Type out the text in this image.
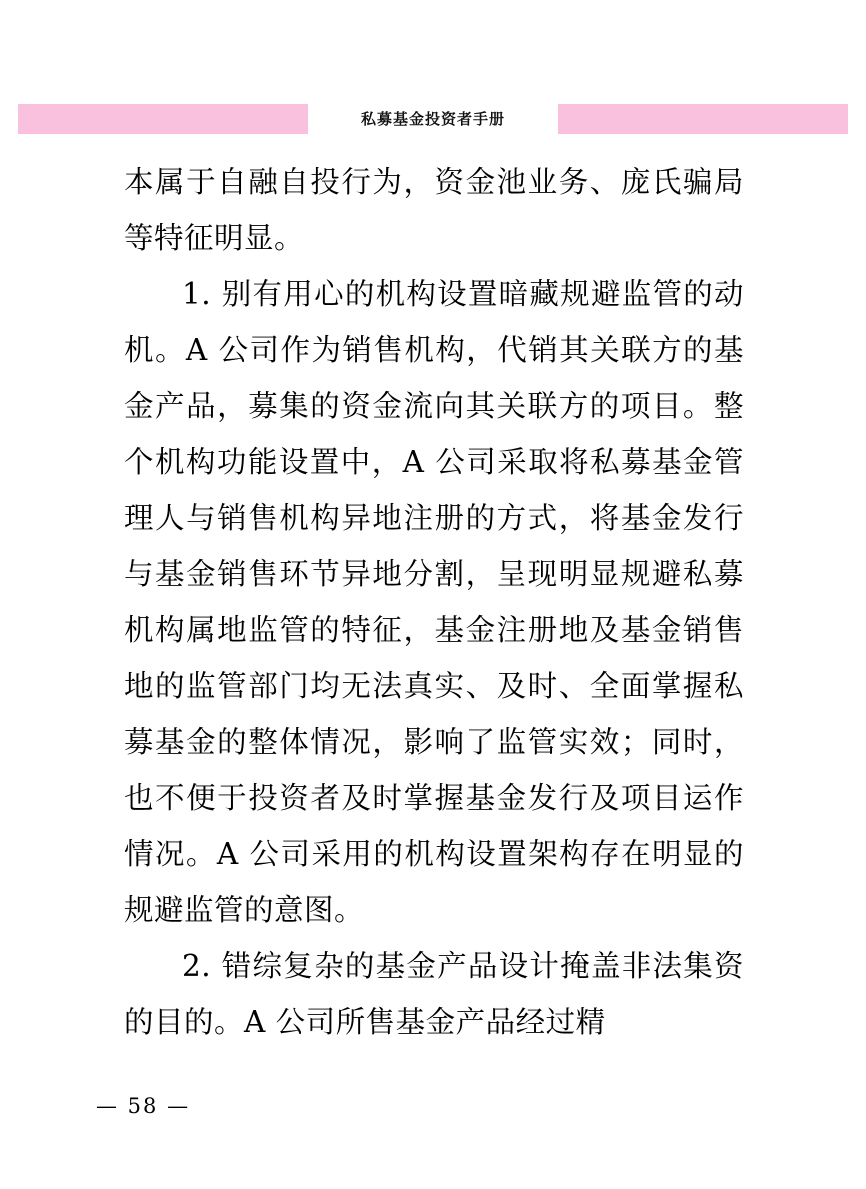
私募基金投资者手册

本属于自融自投行为，资金池业务、庞氏骗局等特征明显。

1. 别有用心的机构设置暗藏规避监管的动机。A 公司作为销售机构，代销其关联方的基金产品，募集的资金流向其关联方的项目。整个机构功能设置中，A 公司采取将私募基金管理人与销售机构异地注册的方式，将基金发行与基金销售环节异地分割，呈现明显规避私募机构属地监管的特征，基金注册地及基金销售地的监管部门均无法真实、及时、全面掌握私募基金的整体情况，影响了监管实效；同时，也不便于投资者及时掌握基金发行及项目运作情况。A 公司采用的机构设置架构存在明显的规避监管的意图。

2. 错综复杂的基金产品设计掩盖非法集资的目的。A 公司所售基金产品经过精

— 58 —
